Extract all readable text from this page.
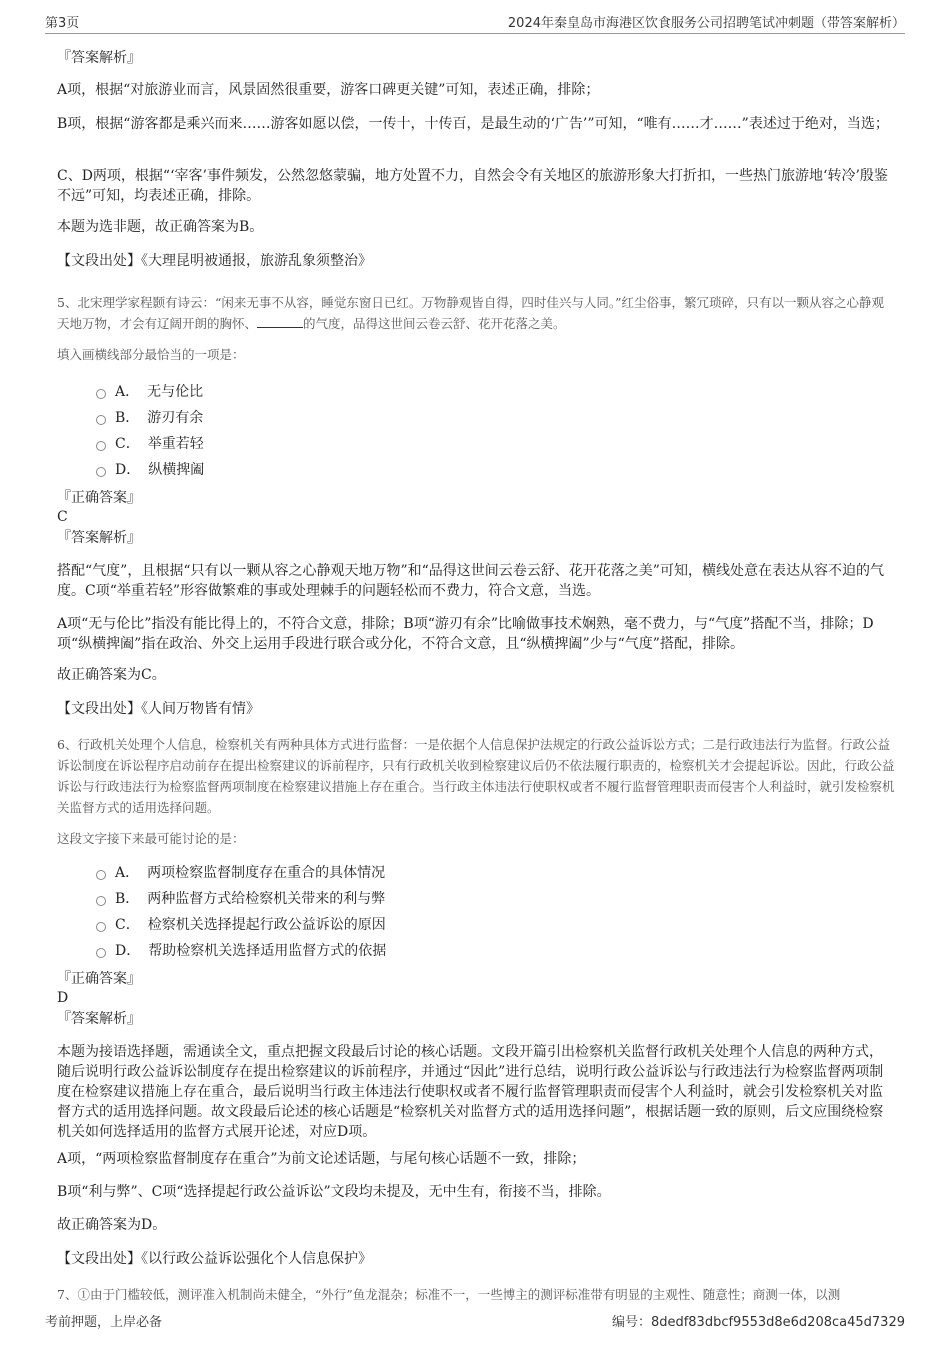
第3页	2024年秦皇岛市海港区饮食服务公司招聘笔试冲刺题（带答案解析）
『答案解析』
A项，根据“对旅游业而言，风景固然很重要，游客口碑更关键”可知，表述正确，排除；
B项，根据“游客都是乘兴而来……游客如愿以偿，一传十，十传百，是最生动的‘广告’”可知，“唯有……才……”表述过于绝对，当选；
C、D两项，根据“‘宰客’事件频发，公然忽悠蒙骗，地方处置不力，自然会令有关地区的旅游形象大打折扣，一些热门旅游地‘转冷’殷鉴不远”可知，均表述正确，排除。
本题为选非题，故正确答案为B。
【文段出处】《大理昆明被通报，旅游乱象须整治》
5、北宋理学家程颢有诗云：“闲来无事不从容，睡觉东窗日已红。万物静观皆自得，四时佳兴与人同。”红尘俗事，繁冗琐碎，只有以一颗从容之心静观天地万物，才会有辽阔开朗的胸怀、	的气度，品得这世间云卷云舒、花开花落之美。
填入画横线部分最恰当的一项是：
A． 无与伦比
B． 游刃有余
C． 举重若轻
D． 纵横捭阖
『正确答案』
C
『答案解析』
搭配“气度”，且根据“只有以一颗从容之心静观天地万物”和“品得这世间云卷云舒、花开花落之美”可知，横线处意在表达从容不迫的气度。C项“举重若轻”形容做繁难的事或处理棘手的问题轻松而不费力，符合文意，当选。
A项“无与伦比”指没有能比得上的，不符合文意，排除；B项“游刃有余”比喻做事技术娴熟，毫不费力，与“气度”搭配不当，排除；D项“纵横捭阖”指在政治、外交上运用手段进行联合或分化，不符合文意，且“纵横捭阖”少与“气度”搭配，排除。
故正确答案为C。
【文段出处】《人间万物皆有情》
6、行政机关处理个人信息，检察机关有两种具体方式进行监督：一是依据个人信息保护法规定的行政公益诉讼方式；二是行政违法行为监督。行政公益诉讼制度在诉讼程序启动前存在提出检察建议的诉前程序，只有行政机关收到检察建议后仍不依法履行职责的，检察机关才会提起诉讼。因此，行政公益诉讼与行政违法行为检察监督两项制度在检察建议措施上存在重合。当行政主体违法行使职权或者不履行监督管理职责而侵害个人利益时，就引发检察机关监督方式的适用选择问题。
这段文字接下来最可能讨论的是：
A． 两项检察监督制度存在重合的具体情况
B． 两种监督方式给检察机关带来的利与弊
C． 检察机关选择提起行政公益诉讼的原因
D． 帮助检察机关选择适用监督方式的依据
『正确答案』
D
『答案解析』
本题为接语选择题，需通读全文，重点把握文段最后讨论的核心话题。文段开篇引出检察机关监督行政机关处理个人信息的两种方式，随后说明行政公益诉讼制度存在提出检察建议的诉前程序，并通过“因此”进行总结，说明行政公益诉讼与行政违法行为检察监督两项制度在检察建议措施上存在重合，最后说明当行政主体违法行使职权或者不履行监督管理职责而侵害个人利益时，就会引发检察机关对监督方式的适用选择问题。故文段最后论述的核心话题是“检察机关对监督方式的适用选择问题”，根据话题一致的原则，后文应围绕检察机关如何选择适用的监督方式展开论述，对应D项。
A项，“两项检察监督制度存在重合”为前文论述话题，与尾句核心话题不一致，排除；
B项“利与弊”、C项“选择提起行政公益诉讼”文段均未提及，无中生有，衔接不当，排除。
故正确答案为D。
【文段出处】《以行政公益诉讼强化个人信息保护》
7、①由于门槛较低，测评准入机制尚未健全，“外行”鱼龙混杂；标准不一，一些博主的测评标准带有明显的主观性、随意性；商测一体，以测
考前押题，上岸必备	编号：8dedf83dbcf9553d8e6d208ca45d7329
